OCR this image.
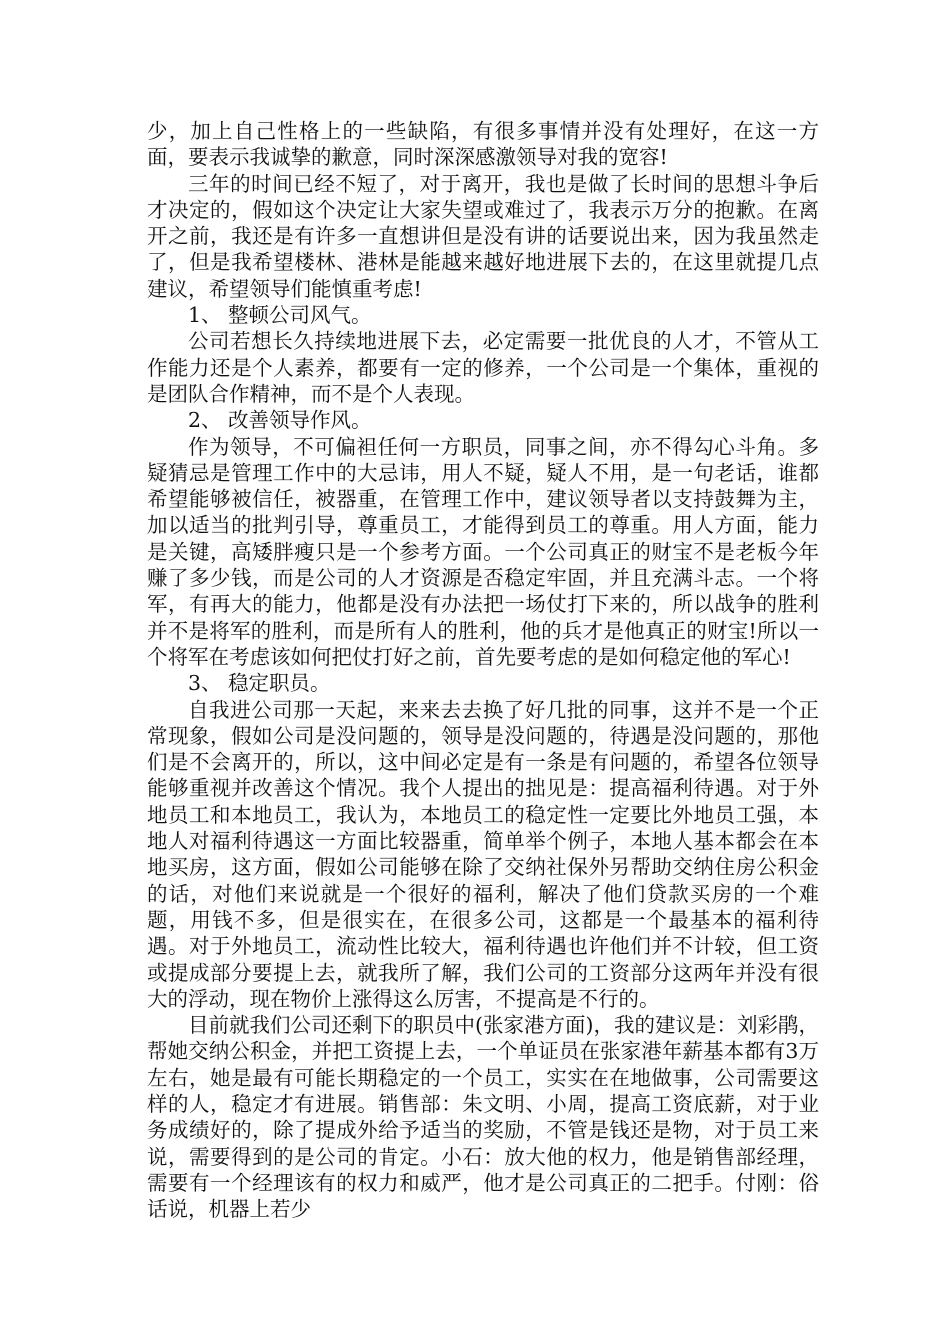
少，加上自己性格上的一些缺陷，有很多事情并没有处理好，在这一方面，要表示我诚挚的歉意，同时深深感激领导对我的宽容!

三年的时间已经不短了，对于离开，我也是做了长时间的思想斗争后才决定的，假如这个决定让大家失望或难过了，我表示万分的抱歉。在离开之前，我还是有许多一直想讲但是没有讲的话要说出来，因为我虽然走了，但是我希望楼林、港林是能越来越好地进展下去的，在这里就提几点建议，希望领导们能慎重考虑!

1、 整顿公司风气。

公司若想长久持续地进展下去，必定需要一批优良的人才，不管从工作能力还是个人素养，都要有一定的修养，一个公司是一个集体，重视的是团队合作精神，而不是个人表现。

2、 改善领导作风。

作为领导，不可偏袒任何一方职员，同事之间，亦不得勾心斗角。多疑猜忌是管理工作中的大忌讳，用人不疑，疑人不用，是一句老话，谁都希望能够被信任，被器重，在管理工作中，建议领导者以支持鼓舞为主，加以适当的批判引导，尊重员工，才能得到员工的尊重。用人方面，能力是关键，高矮胖瘦只是一个参考方面。一个公司真正的财宝不是老板今年赚了多少钱，而是公司的人才资源是否稳定牢固，并且充满斗志。一个将军，有再大的能力，他都是没有办法把一场仗打下来的，所以战争的胜利并不是将军的胜利，而是所有人的胜利，他的兵才是他真正的财宝!所以一个将军在考虑该如何把仗打好之前，首先要考虑的是如何稳定他的军心!

3、 稳定职员。

自我进公司那一天起，来来去去换了好几批的同事，这并不是一个正常现象，假如公司是没问题的，领导是没问题的，待遇是没问题的，那他们是不会离开的，所以，这中间必定是有一条是有问题的，希望各位领导能够重视并改善这个情况。我个人提出的拙见是：提高福利待遇。对于外地员工和本地员工，我认为，本地员工的稳定性一定要比外地员工强，本地人对福利待遇这一方面比较器重，简单举个例子，本地人基本都会在本地买房，这方面，假如公司能够在除了交纳社保外另帮助交纳住房公积金的话，对他们来说就是一个很好的福利，解决了他们贷款买房的一个难题，用钱不多，但是很实在，在很多公司，这都是一个最基本的福利待遇。对于外地员工，流动性比较大，福利待遇也许他们并不计较，但工资或提成部分要提上去，就我所了解，我们公司的工资部分这两年并没有很大的浮动，现在物价上涨得这么厉害，不提高是不行的。

目前就我们公司还剩下的职员中(张家港方面)，我的建议是：刘彩鹃，帮她交纳公积金，并把工资提上去，一个单证员在张家港年薪基本都有3万左右，她是最有可能长期稳定的一个员工，实实在在地做事，公司需要这样的人，稳定才有进展。销售部：朱文明、小周，提高工资底薪，对于业务成绩好的，除了提成外给予适当的奖励，不管是钱还是物，对于员工来说，需要得到的是公司的肯定。小石：放大他的权力，他是销售部经理，需要有一个经理该有的权力和威严，他才是公司真正的二把手。付刚：俗话说，机器上若少
